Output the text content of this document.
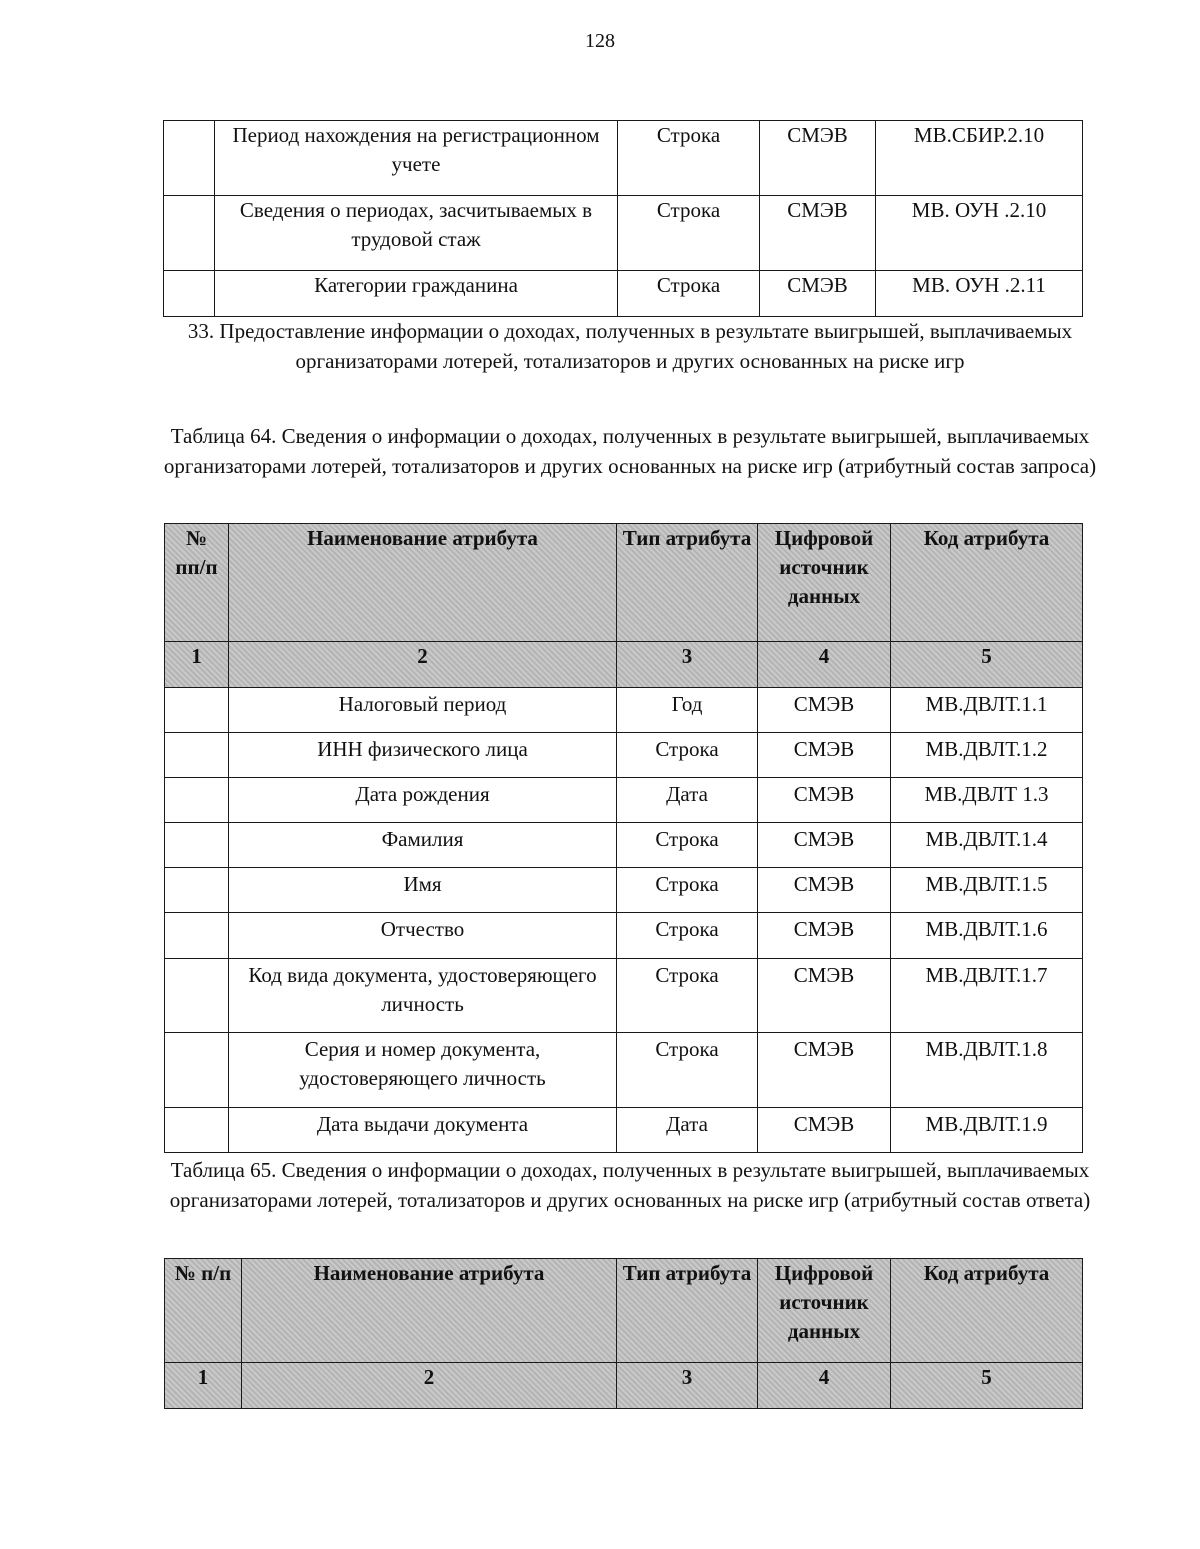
128
	Период нахождения на регистрационном учете	Строка	СМЭВ	МВ.СБИР.2.10
	Сведения о периодах, засчитываемых в трудовой стаж	Строка	СМЭВ	МВ. ОУН .2.10
	Категории гражданина	Строка	СМЭВ	МВ. ОУН .2.11
33. Предоставление информации о доходах, полученных в результате выигрышей, выплачиваемых организаторами лотерей, тотализаторов и других основанных на риске игр
Таблица 64. Сведения о информации о доходах, полученных в результате выигрышей, выплачиваемых организаторами лотерей, тотализаторов и других основанных на риске игр (атрибутный состав запроса)
№ пп/п	Наименование атрибута	Тип атрибута	Цифровой источник данных	Код атрибута
1	2	3	4	5
	Налоговый период	Год	СМЭВ	МВ.ДВЛТ.1.1
	ИНН физического лица	Строка	СМЭВ	МВ.ДВЛТ.1.2
	Дата рождения	Дата	СМЭВ	МВ.ДВЛТ 1.3
	Фамилия	Строка	СМЭВ	МВ.ДВЛТ.1.4
	Имя	Строка	СМЭВ	МВ.ДВЛТ.1.5
	Отчество	Строка	СМЭВ	МВ.ДВЛТ.1.6
	Код вида документа, удостоверяющего личность	Строка	СМЭВ	МВ.ДВЛТ.1.7
	Серия и номер документа, удостоверяющего личность	Строка	СМЭВ	МВ.ДВЛТ.1.8
	Дата выдачи документа	Дата	СМЭВ	МВ.ДВЛТ.1.9
Таблица 65. Сведения о информации о доходах, полученных в результате выигрышей, выплачиваемых организаторами лотерей, тотализаторов и других основанных на риске игр (атрибутный состав ответа)
№ п/п	Наименование атрибута	Тип атрибута	Цифровой источник данных	Код атрибута
1	2	3	4	5
